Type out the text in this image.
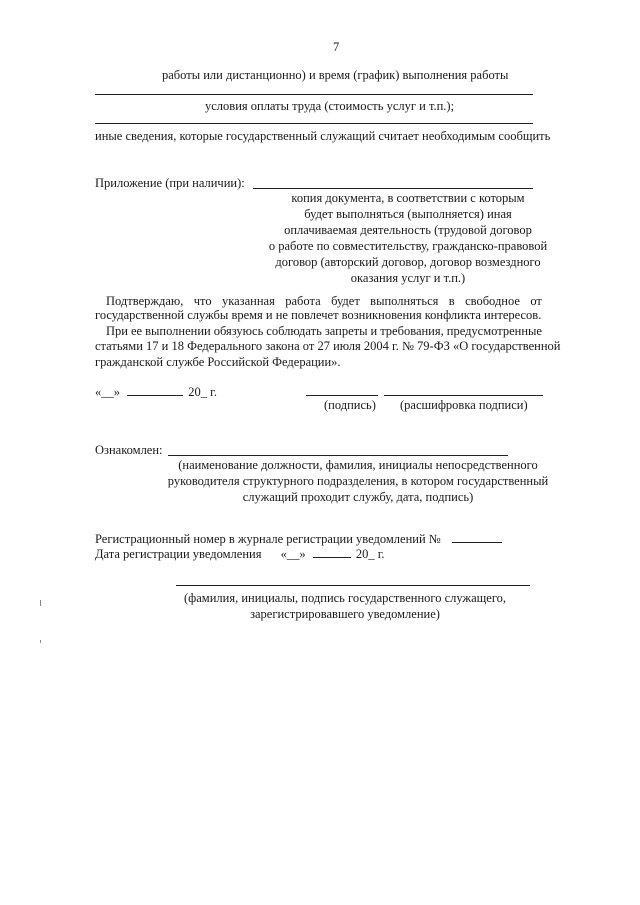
7
работы или дистанционно) и время (график) выполнения работы
условия оплаты труда (стоимость услуг и т.п.);
иные сведения, которые государственный служащий считает необходимым сообщить
Приложение (при наличии):
копия документа, в соответствии с которым
будет выполняться (выполняется) иная
оплачиваемая деятельность (трудовой договор
о работе по совместительству, гражданско-правовой
договор (авторский договор, договор возмездного
оказания услуг и т.п.)
Подтверждаю, что указанная работа будет выполняться в свободное от
государственной службы время и не повлечет возникновения конфликта интересов.
При ее выполнении обязуюсь соблюдать запреты и требования, предусмотренные
статьями 17 и 18 Федерального закона от 27 июля 2004 г. № 79-ФЗ «О государственной
гражданской службе Российской Федерации».
«__»	20_ г.
(подпись) (расшифровка подписи)
Ознакомлен:
(наименование должности, фамилия, инициалы непосредственного
руководителя структурного подразделения, в котором государственный
служащий проходит службу, дата, подпись)
Регистрационный номер в журнале регистрации уведомлений №
Дата регистрации уведомления «__»	20_ г.
(фамилия, инициалы, подпись государственного служащего,
зарегистрировавшего уведомление)
